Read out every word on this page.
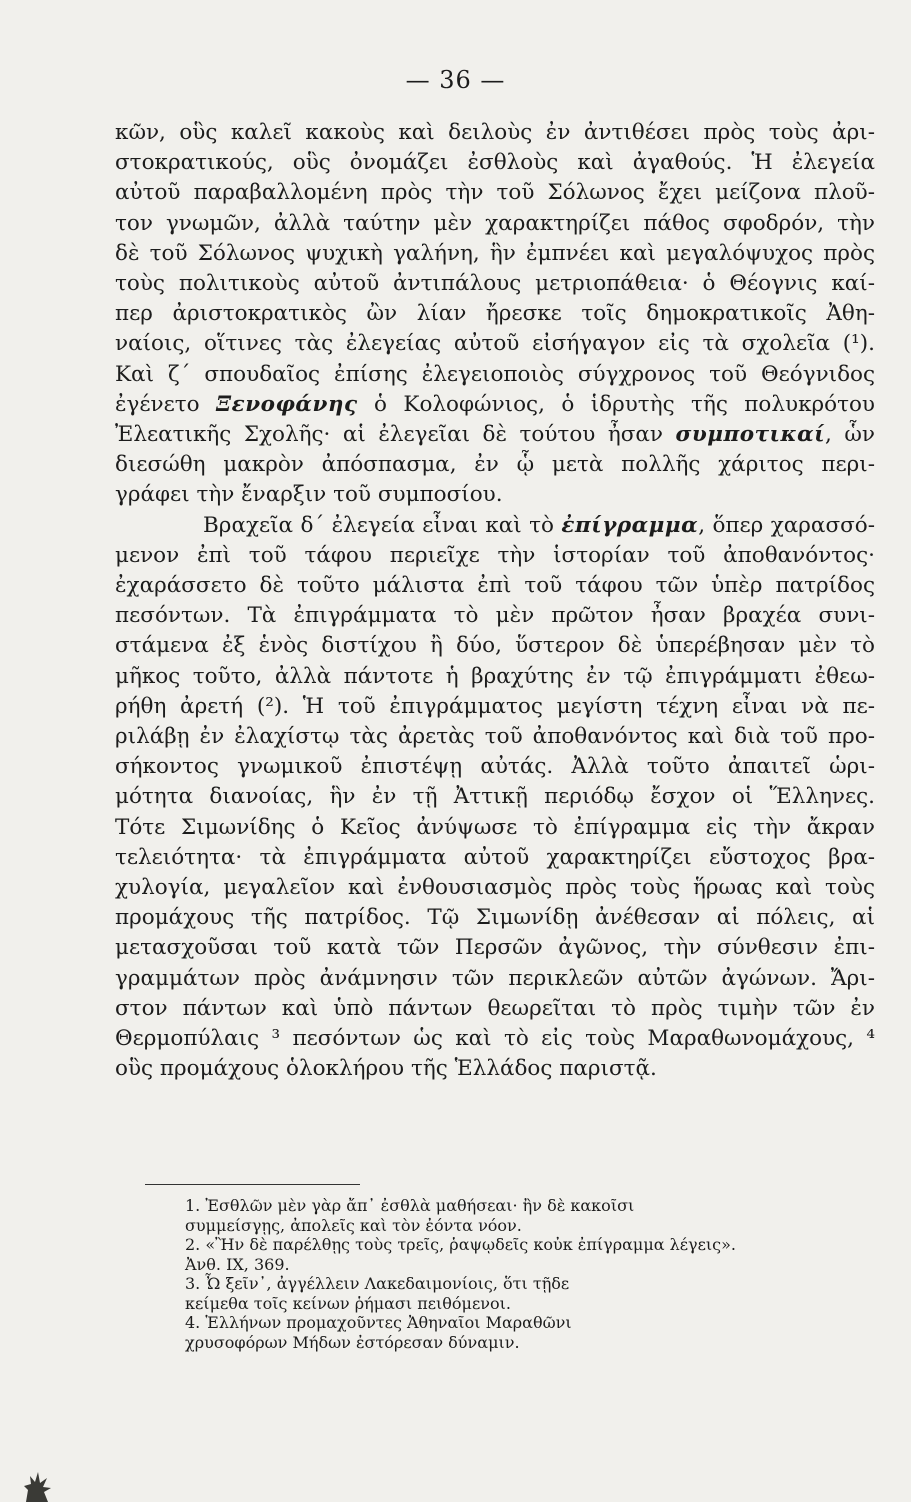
— 36 —
κῶν, οὓς καλεῖ κακοὺς καὶ δειλοὺς ἐν ἀντιθέσει πρὸς τοὺς ἀρι-
στοκρατικούς, οὓς ὀνομάζει ἐσθλοὺς καὶ ἀγαθούς. Ἡ ἐλεγεία
αὐτοῦ παραβαλλομένη πρὸς τὴν τοῦ Σόλωνος ἔχει μείζονα πλοῦ-
τον γνωμῶν, ἀλλὰ ταύτην μὲν χαρακτηρίζει πάθος σφοδρόν, τὴν
δὲ τοῦ Σόλωνος ψυχικὴ γαλήνη, ἣν ἐμπνέει καὶ μεγαλόψυχος πρὸς
τοὺς πολιτικοὺς αὐτοῦ ἀντιπάλους μετριοπάθεια· ὁ Θέογνις καί-
περ ἀριστοκρατικὸς ὢν λίαν ἤρεσκε τοῖς δημοκρατικοῖς Ἀθη-
ναίοις, οἵτινες τὰς ἐλεγείας αὐτοῦ εἰσήγαγον εἰς τὰ σχολεῖα (¹).
Καὶ ζ΄ σπουδαῖος ἐπίσης ἐλεγειοποιὸς σύγχρονος τοῦ Θεόγνιδος
ἐγένετο Ξενοφάνης ὁ Κολοφώνιος, ὁ ἱδρυτὴς τῆς πολυκρότου
Ἐλεατικῆς Σχολῆς· αἱ ἐλεγεῖαι δὲ τούτου ἦσαν συμποτικαί, ὧν
διεσώθη μακρὸν ἀπόσπασμα, ἐν ᾧ μετὰ πολλῆς χάριτος περι-
γράφει τὴν ἔναρξιν τοῦ συμποσίου.
Βραχεῖα δ΄ ἐλεγεία εἶναι καὶ τὸ ἐπίγραμμα, ὅπερ χαρασσό-
μενον ἐπὶ τοῦ τάφου περιεῖχε τὴν ἱστορίαν τοῦ ἀποθανόντος·
ἐχαράσσετο δὲ τοῦτο μάλιστα ἐπὶ τοῦ τάφου τῶν ὑπὲρ πατρίδος
πεσόντων. Τὰ ἐπιγράμματα τὸ μὲν πρῶτον ἦσαν βραχέα συνι-
στάμενα ἐξ ἑνὸς διστίχου ἢ δύο, ὕστερον δὲ ὑπερέβησαν μὲν τὸ
μῆκος τοῦτο, ἀλλὰ πάντοτε ἡ βραχύτης ἐν τῷ ἐπιγράμματι ἐθεω-
ρήθη ἀρετή (²). Ἡ τοῦ ἐπιγράμματος μεγίστη τέχνη εἶναι νὰ πε-
ριλάβῃ ἐν ἐλαχίστῳ τὰς ἀρετὰς τοῦ ἀποθανόντος καὶ διὰ τοῦ προ-
σήκοντος γνωμικοῦ ἐπιστέψῃ αὐτάς. Ἀλλὰ τοῦτο ἀπαιτεῖ ὡρι-
μότητα διανοίας, ἣν ἐν τῇ Ἀττικῇ περιόδῳ ἔσχον οἱ Ἕλληνες.
Τότε Σιμωνίδης ὁ Κεῖος ἀνύψωσε τὸ ἐπίγραμμα εἰς τὴν ἄκραν
τελειότητα· τὰ ἐπιγράμματα αὐτοῦ χαρακτηρίζει εὔστοχος βρα-
χυλογία, μεγαλεῖον καὶ ἐνθουσιασμὸς πρὸς τοὺς ἥρωας καὶ τοὺς
προμάχους τῆς πατρίδος. Τῷ Σιμωνίδῃ ἀνέθεσαν αἱ πόλεις, αἱ
μετασχοῦσαι τοῦ κατὰ τῶν Περσῶν ἀγῶνος, τὴν σύνθεσιν ἐπι-
γραμμάτων πρὸς ἀνάμνησιν τῶν περικλεῶν αὐτῶν ἀγώνων. Ἄρι-
στον πάντων καὶ ὑπὸ πάντων θεωρεῖται τὸ πρὸς τιμὴν τῶν ἐν
Θερμοπύλαις ³ πεσόντων ὡς καὶ τὸ εἰς τοὺς Μαραθωνομάχους, ⁴
οὓς προμάχους ὁλοκλήρου τῆς Ἑλλάδος παριστᾷ.
1. Ἐσθλῶν μὲν γὰρ ἄπ᾽ ἐσθλὰ μαθήσεαι· ἢν δὲ κακοῖσι
συμμείσγῃς, ἀπολεῖς καὶ τὸν ἐόντα νόον.
2. «Ἢν δὲ παρέλθῃς τοὺς τρεῖς, ῥαψῳδεῖς κοὐκ ἐπίγραμμα λέγεις».
Ἀνθ. IX, 369.
3. Ὦ ξεῖν᾽, ἀγγέλλειν Λακεδαιμονίοις, ὅτι τῇδε
κείμεθα τοῖς κείνων ῥήμασι πειθόμενοι.
4. Ἑλλήνων προμαχοῦντες Ἀθηναῖοι Μαραθῶνι
χρυσοφόρων Μήδων ἐστόρεσαν δύναμιν.
